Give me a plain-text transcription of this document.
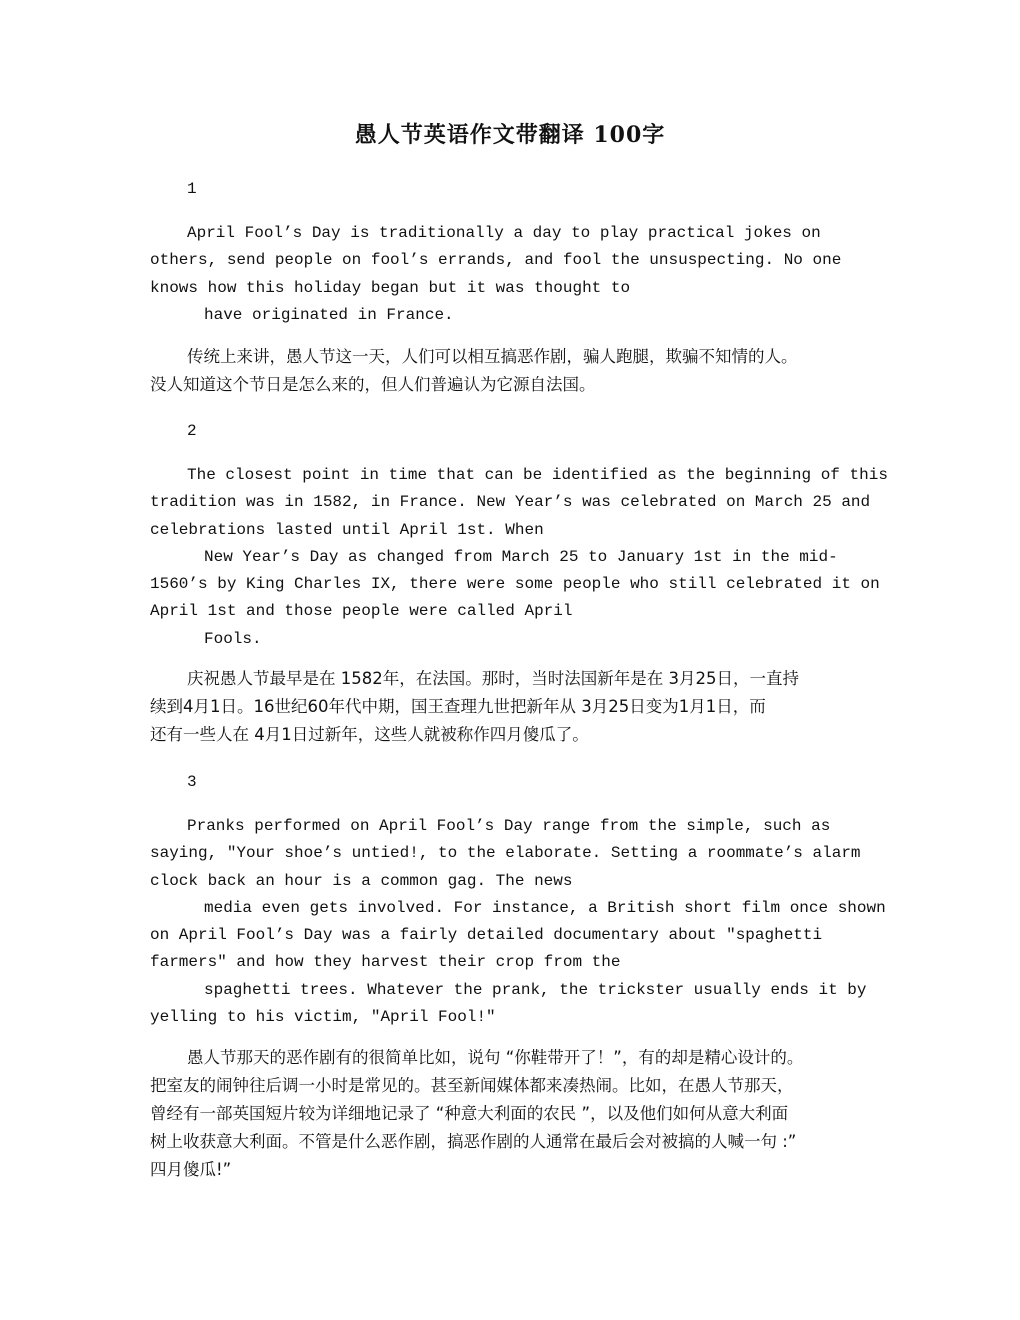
愚人节英语作文带翻译 100字
1
April Fool’s Day is traditionally a day to play practical jokes on
others, send people on fool’s errands, and fool the unsuspecting. No one
knows how this holiday began but it was thought to
have originated in France.
传统上来讲，愚人节这一天，人们可以相互搞恶作剧，骗人跑腿，欺骗不知情的人。
没人知道这个节日是怎么来的，但人们普遍认为它源自法国。
2
The closest point in time that can be identified as the beginning of this
tradition was in 1582, in France. New Year’s was celebrated on March 25 and
celebrations lasted until April 1st. When
New Year’s Day as changed from March 25 to January 1st in the mid-
1560’s by King Charles IX, there were some people who still celebrated it on
April 1st and those people were called April
Fools.
庆祝愚人节最早是在 1582年，在法国。那时，当时法国新年是在 3月25日，一直持
续到4月1日。16世纪60年代中期，国王查理九世把新年从 3月25日变为1月1日，而
还有一些人在 4月1日过新年，这些人就被称作四月傻瓜了。
3
Pranks performed on April Fool’s Day range from the simple, such as
saying, "Your shoe’s untied!, to the elaborate. Setting a roommate’s alarm
clock back an hour is a common gag. The news
media even gets involved. For instance, a British short film once shown
on April Fool’s Day was a fairly detailed documentary about "spaghetti
farmers" and how they harvest their crop from the
spaghetti trees. Whatever the prank, the trickster usually ends it by
yelling to his victim, "April Fool!"
愚人节那天的恶作剧有的很简单比如，说句 “你鞋带开了！”，有的却是精心设计的。
把室友的闹钟往后调一小时是常见的。甚至新闻媒体都来凑热闹。比如，在愚人节那天，
曾经有一部英国短片较为详细地记录了 “种意大利面的农民 ”，以及他们如何从意大利面
树上收获意大利面。不管是什么恶作剧，搞恶作剧的人通常在最后会对被搞的人喊一句 :”
四月傻瓜!”
